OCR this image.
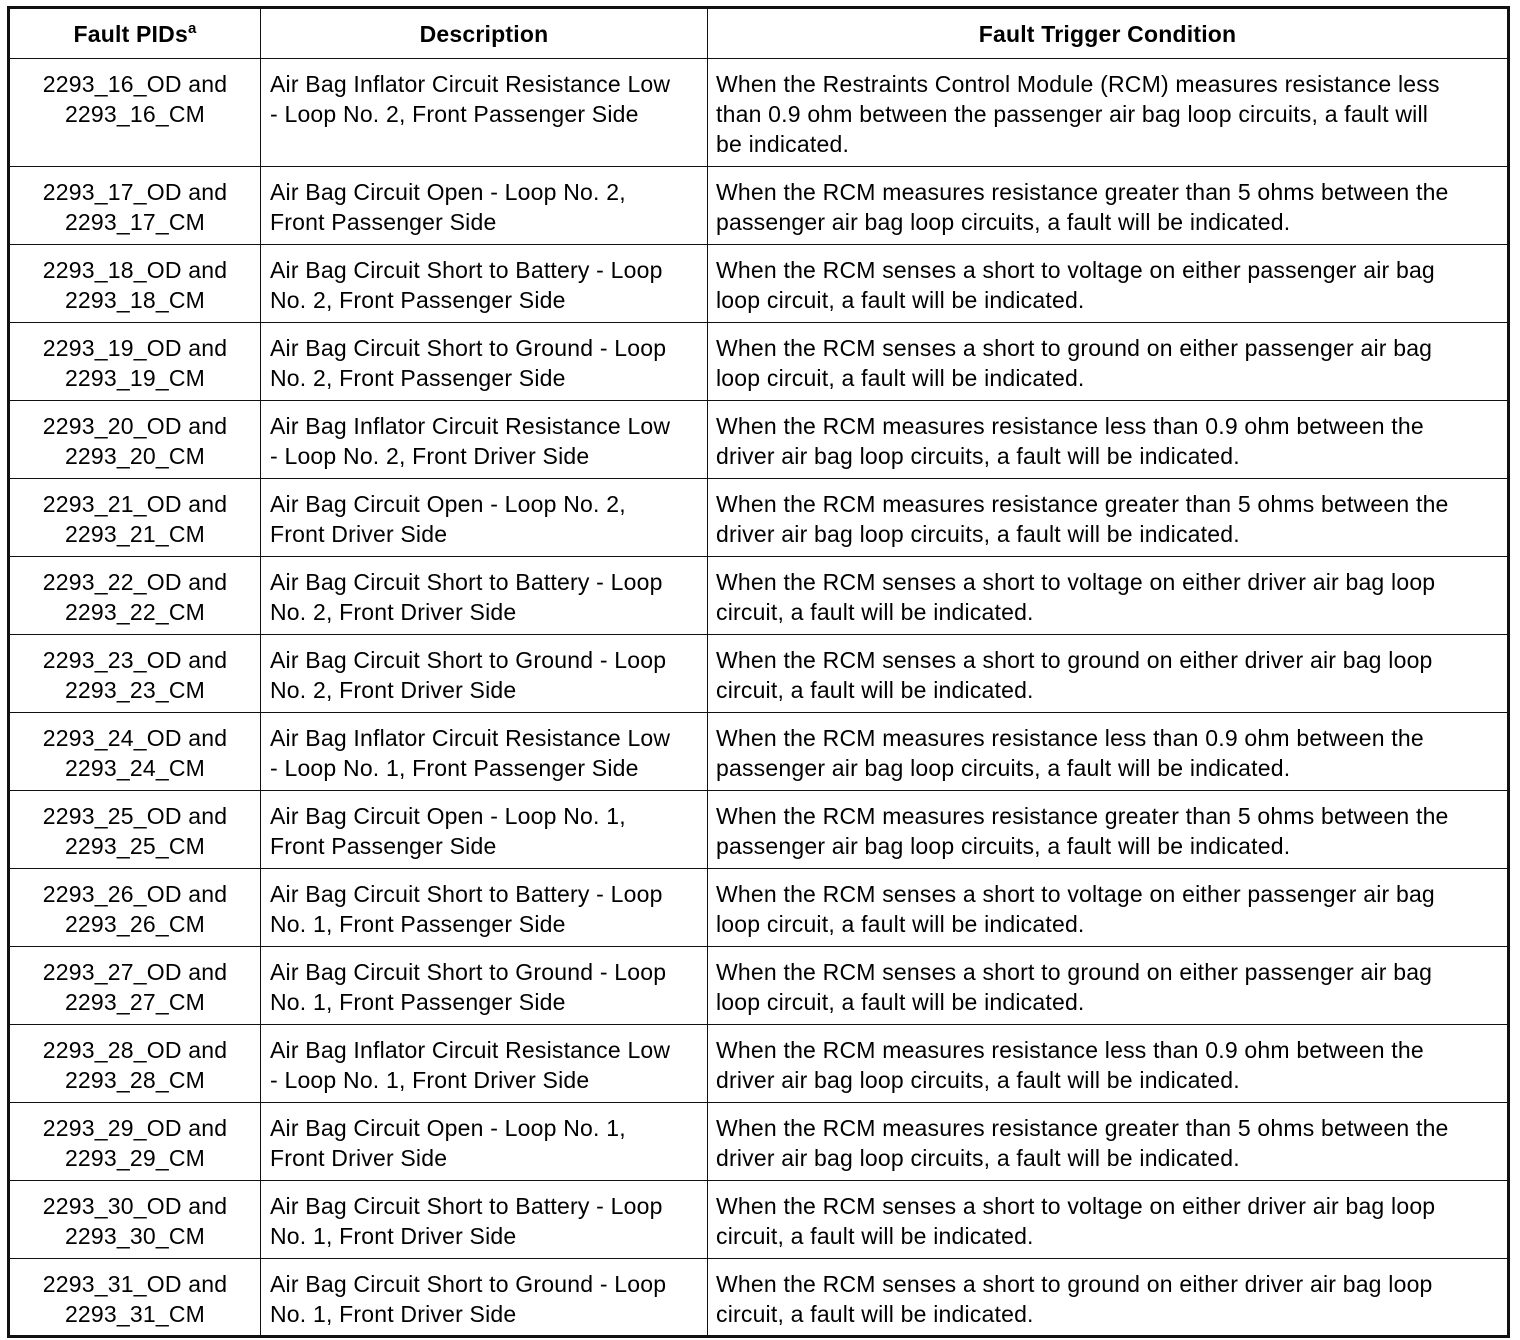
Fault PIDs$^a$	Description	Fault Trigger Condition

2293_16_OD and
2293_16_CM	Air Bag Inflator Circuit Resistance Low
- Loop No. 2, Front Passenger Side	When the Restraints Control Module (RCM) measures resistance less
than 0.9 ohm between the passenger air bag loop circuits, a fault will
be indicated.

2293_17_OD and
2293_17_CM	Air Bag Circuit Open - Loop No. 2,
Front Passenger Side	When the RCM measures resistance greater than 5 ohms between the
passenger air bag loop circuits, a fault will be indicated.

2293_18_OD and
2293_18_CM	Air Bag Circuit Short to Battery - Loop
No. 2, Front Passenger Side	When the RCM senses a short to voltage on either passenger air bag
loop circuit, a fault will be indicated.

2293_19_OD and
2293_19_CM	Air Bag Circuit Short to Ground - Loop
No. 2, Front Passenger Side	When the RCM senses a short to ground on either passenger air bag
loop circuit, a fault will be indicated.

2293_20_OD and
2293_20_CM	Air Bag Inflator Circuit Resistance Low
- Loop No. 2, Front Driver Side	When the RCM measures resistance less than 0.9 ohm between the
driver air bag loop circuits, a fault will be indicated.

2293_21_OD and
2293_21_CM	Air Bag Circuit Open - Loop No. 2,
Front Driver Side	When the RCM measures resistance greater than 5 ohms between the
driver air bag loop circuits, a fault will be indicated.

2293_22_OD and
2293_22_CM	Air Bag Circuit Short to Battery - Loop
No. 2, Front Driver Side	When the RCM senses a short to voltage on either driver air bag loop
circuit, a fault will be indicated.

2293_23_OD and
2293_23_CM	Air Bag Circuit Short to Ground - Loop
No. 2, Front Driver Side	When the RCM senses a short to ground on either driver air bag loop
circuit, a fault will be indicated.

2293_24_OD and
2293_24_CM	Air Bag Inflator Circuit Resistance Low
- Loop No. 1, Front Passenger Side	When the RCM measures resistance less than 0.9 ohm between the
passenger air bag loop circuits, a fault will be indicated.

2293_25_OD and
2293_25_CM	Air Bag Circuit Open - Loop No. 1,
Front Passenger Side	When the RCM measures resistance greater than 5 ohms between the
passenger air bag loop circuits, a fault will be indicated.

2293_26_OD and
2293_26_CM	Air Bag Circuit Short to Battery - Loop
No. 1, Front Passenger Side	When the RCM senses a short to voltage on either passenger air bag
loop circuit, a fault will be indicated.

2293_27_OD and
2293_27_CM	Air Bag Circuit Short to Ground - Loop
No. 1, Front Passenger Side	When the RCM senses a short to ground on either passenger air bag
loop circuit, a fault will be indicated.

2293_28_OD and
2293_28_CM	Air Bag Inflator Circuit Resistance Low
- Loop No. 1, Front Driver Side	When the RCM measures resistance less than 0.9 ohm between the
driver air bag loop circuits, a fault will be indicated.

2293_29_OD and
2293_29_CM	Air Bag Circuit Open - Loop No. 1,
Front Driver Side	When the RCM measures resistance greater than 5 ohms between the
driver air bag loop circuits, a fault will be indicated.

2293_30_OD and
2293_30_CM	Air Bag Circuit Short to Battery - Loop
No. 1, Front Driver Side	When the RCM senses a short to voltage on either driver air bag loop
circuit, a fault will be indicated.

2293_31_OD and
2293_31_CM	Air Bag Circuit Short to Ground - Loop
No. 1, Front Driver Side	When the RCM senses a short to ground on either driver air bag loop
circuit, a fault will be indicated.
